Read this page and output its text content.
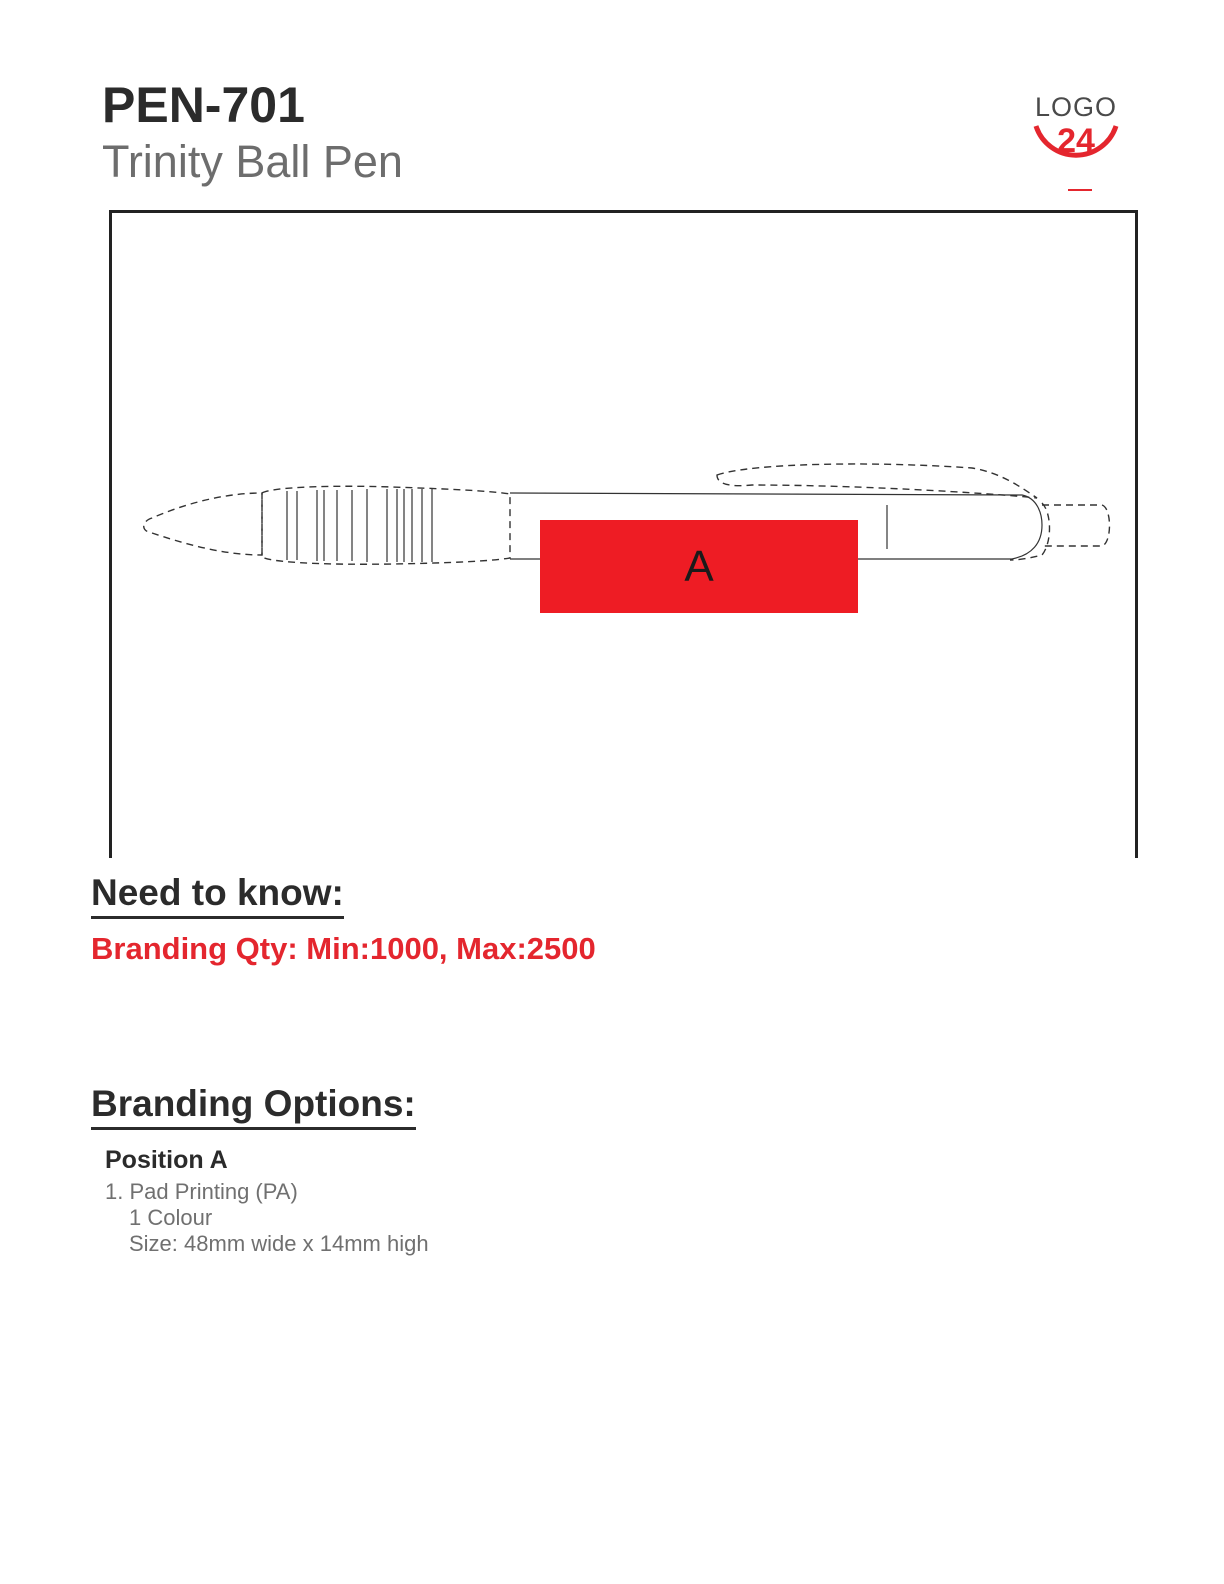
PEN-701
Trinity Ball Pen
LOGO
24
A
Need to know:
Branding Qty: Min:1000, Max:2500
Branding Options:
Position A
1. Pad Printing (PA)
1 Colour
Size: 48mm wide x 14mm high
